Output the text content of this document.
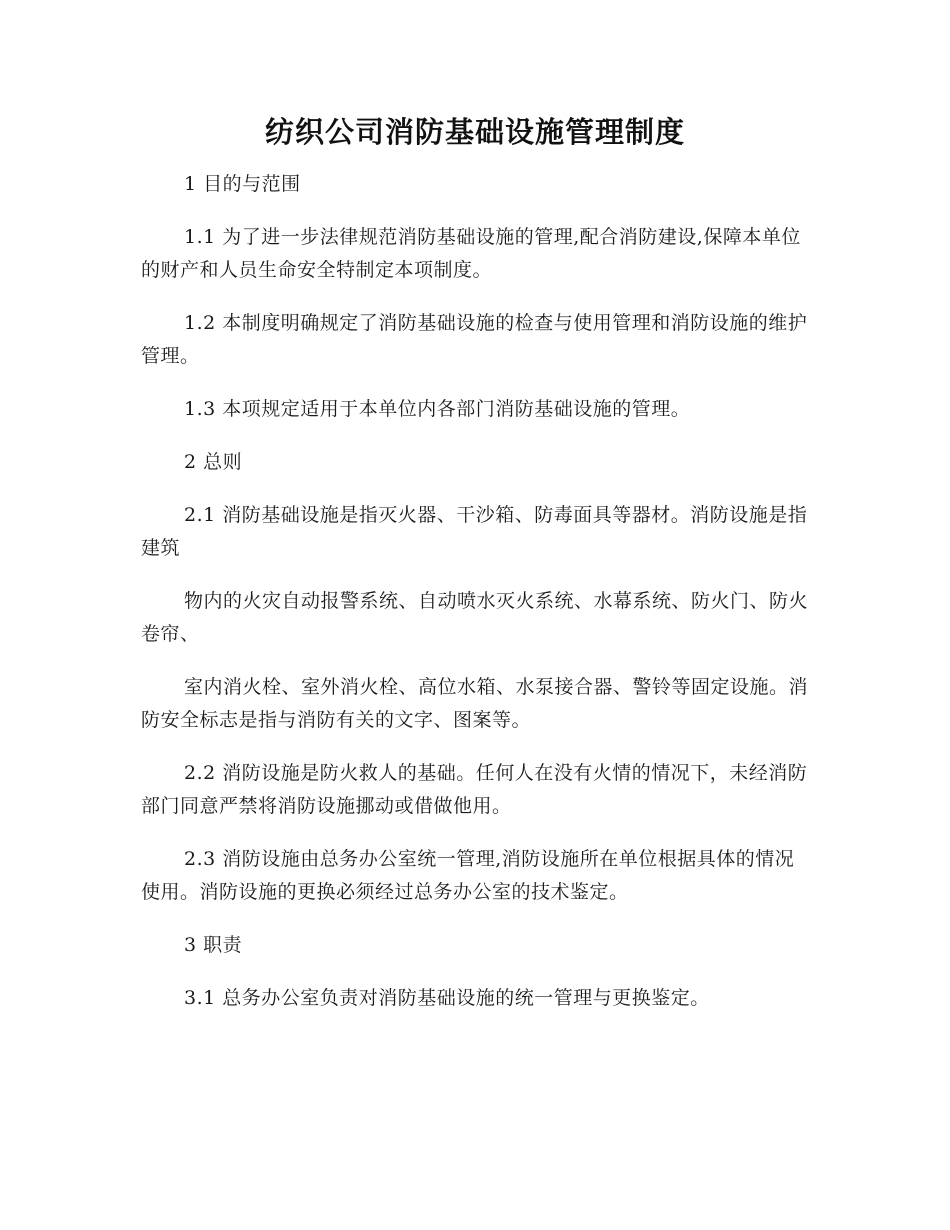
纺织公司消防基础设施管理制度

1 目的与范围

1.1 为了进一步法律规范消防基础设施的管理,配合消防建设,保障本单位的财产和人员生命安全特制定本项制度。

1.2 本制度明确规定了消防基础设施的检查与使用管理和消防设施的维护管理。

1.3 本项规定适用于本单位内各部门消防基础设施的管理。

2 总则

2.1 消防基础设施是指灭火器、干沙箱、防毒面具等器材。消防设施是指建筑

物内的火灾自动报警系统、自动喷水灭火系统、水幕系统、防火门、防火卷帘、

室内消火栓、室外消火栓、高位水箱、水泵接合器、警铃等固定设施。消防安全标志是指与消防有关的文字、图案等。

2.2 消防设施是防火救人的基础。任何人在没有火情的情况下，未经消防部门同意严禁将消防设施挪动或借做他用。

2.3 消防设施由总务办公室统一管理,消防设施所在单位根据具体的情况使用。消防设施的更换必须经过总务办公室的技术鉴定。

3 职责

3.1 总务办公室负责对消防基础设施的统一管理与更换鉴定。
